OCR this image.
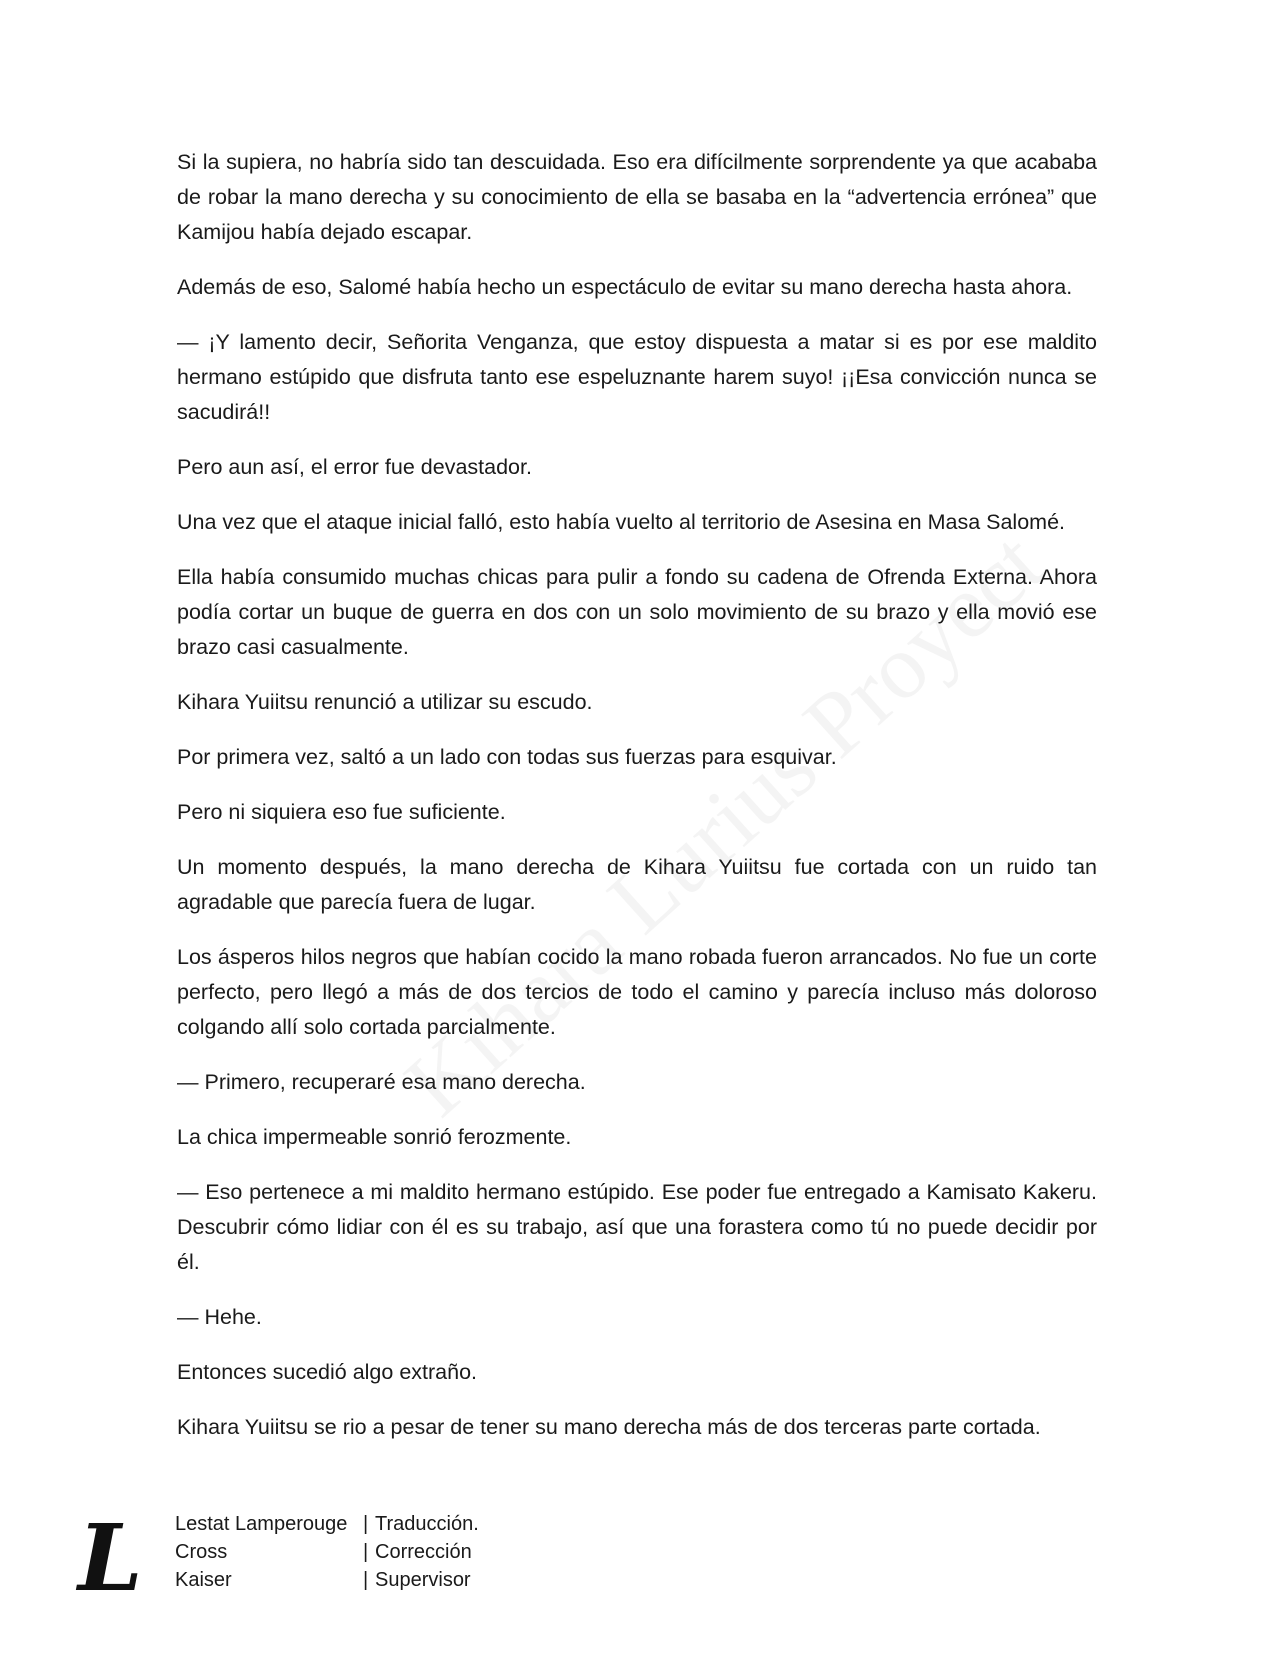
Si la supiera, no habría sido tan descuidada. Eso era difícilmente sorprendente ya que acababa de robar la mano derecha y su conocimiento de ella se basaba en la “advertencia errónea” que Kamijou había dejado escapar.

Además de eso, Salomé había hecho un espectáculo de evitar su mano derecha hasta ahora.

— ¡Y lamento decir, Señorita Venganza, que estoy dispuesta a matar si es por ese maldito hermano estúpido que disfruta tanto ese espeluznante harem suyo! ¡¡Esa convicción nunca se sacudirá!!

Pero aun así, el error fue devastador.

Una vez que el ataque inicial falló, esto había vuelto al territorio de Asesina en Masa Salomé.

Ella había consumido muchas chicas para pulir a fondo su cadena de Ofrenda Externa. Ahora podía cortar un buque de guerra en dos con un solo movimiento de su brazo y ella movió ese brazo casi casualmente.

Kihara Yuiitsu renunció a utilizar su escudo.

Por primera vez, saltó a un lado con todas sus fuerzas para esquivar.

Pero ni siquiera eso fue suficiente.

Un momento después, la mano derecha de Kihara Yuiitsu fue cortada con un ruido tan agradable que parecía fuera de lugar.

Los ásperos hilos negros que habían cocido la mano robada fueron arrancados. No fue un corte perfecto, pero llegó a más de dos tercios de todo el camino y parecía incluso más doloroso colgando allí solo cortada parcialmente.

— Primero, recuperaré esa mano derecha.

La chica impermeable sonrió ferozmente.

— Eso pertenece a mi maldito hermano estúpido. Ese poder fue entregado a Kamisato Kakeru. Descubrir cómo lidiar con él es su trabajo, así que una forastera como tú no puede decidir por él.

— Hehe.

Entonces sucedió algo extraño.

Kihara Yuiitsu se rio a pesar de tener su mano derecha más de dos terceras parte cortada.

L Lestat Lamperouge | Traducción.
Cross	| Corrección
Kaiser	| Supervisor
